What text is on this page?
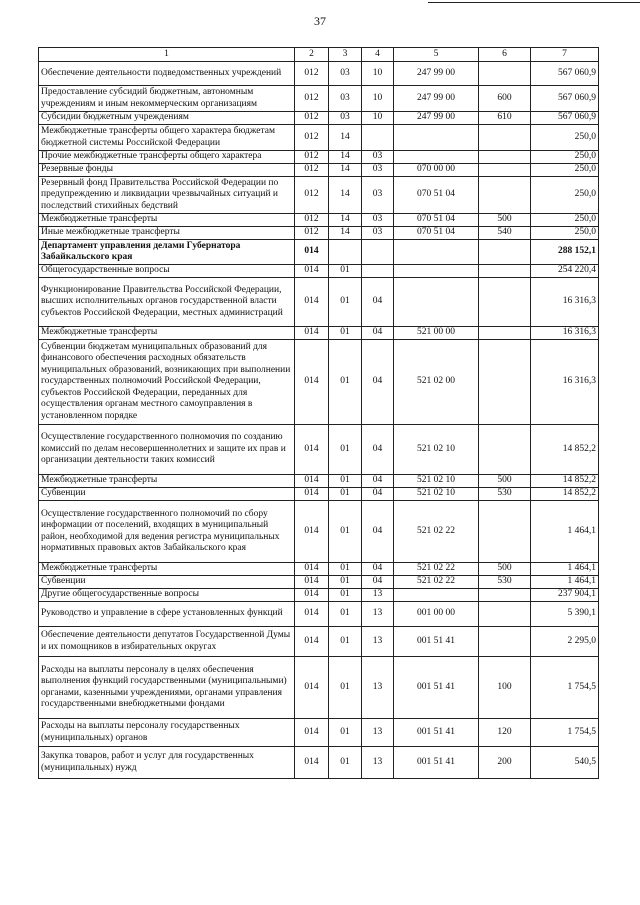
37
1	2	3	4	5	6	7
Обеспечение деятельности подведомственных учреждений	012	03	10	247 99 00		567 060,9
Предоставление субсидий бюджетным, автономным учреждениям и иным некоммерческим организациям	012	03	10	247 99 00	600	567 060,9
Субсидии бюджетным учреждениям	012	03	10	247 99 00	610	567 060,9
Межбюджетные трансферты общего характера бюджетам бюджетной системы Российской Федерации	012	14				250,0
Прочие межбюджетные трансферты общего характера	012	14	03			250,0
Резервные фонды	012	14	03	070 00 00		250,0
Резервный фонд Правительства Российской Федерации по предупреждению и ликвидации чрезвычайных ситуаций и последствий стихийных бедствий	012	14	03	070 51 04		250,0
Межбюджетные трансферты	012	14	03	070 51 04	500	250,0
Иные межбюджетные трансферты	012	14	03	070 51 04	540	250,0
Департамент управления делами Губернатора Забайкальского края	014					288 152,1
Общегосударственные вопросы	014	01				254 220,4
Функционирование Правительства Российской Федерации, высших исполнительных органов государственной власти субъектов Российской Федерации, местных администраций	014	01	04			16 316,3
Межбюджетные трансферты	014	01	04	521 00 00		16 316,3
Субвенции бюджетам муниципальных образований для финансового обеспечения расходных обязательств муниципальных образований, возникающих при выполнении государственных полномочий Российской Федерации, субъектов Российской Федерации, переданных для осуществления органам местного самоуправления в установленном порядке	014	01	04	521 02 00		16 316,3
Осуществление государственного полномочия по созданию комиссий по делам несовершеннолетних и защите их прав и организации деятельности таких комиссий	014	01	04	521 02 10		14 852,2
Межбюджетные трансферты	014	01	04	521 02 10	500	14 852,2
Субвенции	014	01	04	521 02 10	530	14 852,2
Осуществление государственного полномочий по сбору информации от поселений, входящих в муниципальный район, необходимой для ведения регистра муниципальных нормативных правовых актов Забайкальского края	014	01	04	521 02 22		1 464,1
Межбюджетные трансферты	014	01	04	521 02 22	500	1 464,1
Субвенции	014	01	04	521 02 22	530	1 464,1
Другие общегосударственные вопросы	014	01	13			237 904,1
Руководство и управление в сфере установленных функций	014	01	13	001 00 00		5 390,1
Обеспечение деятельности депутатов Государственной Думы и их помощников в избирательных округах	014	01	13	001 51 41		2 295,0
Расходы на выплаты персоналу в целях обеспечения выполнения функций государственными (муниципальными) органами, казенными учреждениями, органами управления государственными внебюджетными фондами	014	01	13	001 51 41	100	1 754,5
Расходы на выплаты персоналу государственных (муниципальных) органов	014	01	13	001 51 41	120	1 754,5
Закупка товаров, работ и услуг для государственных (муниципальных) нужд	014	01	13	001 51 41	200	540,5
